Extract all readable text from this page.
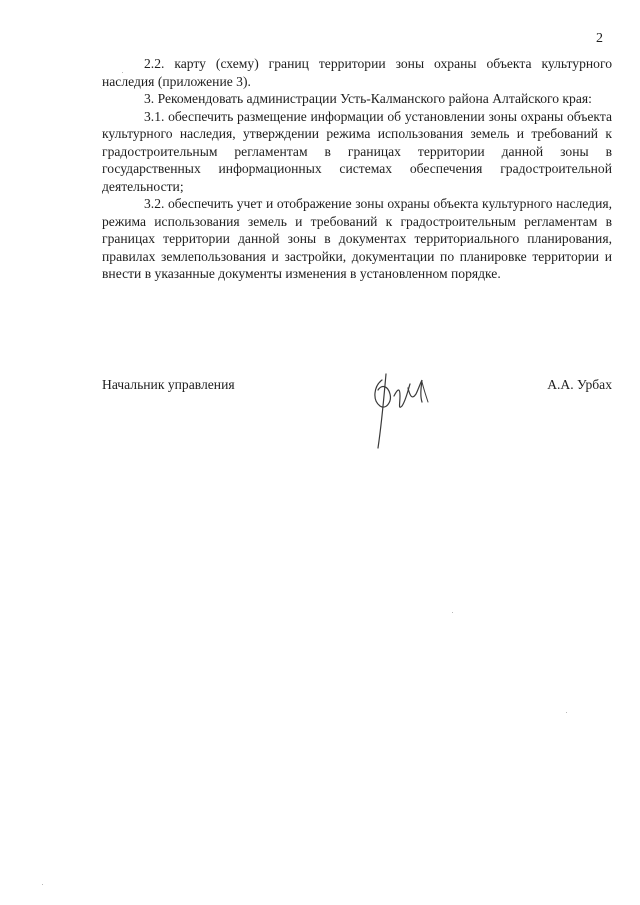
2

2.2. карту (схему) границ территории зоны охраны объекта культурного наследия (приложение 3).

3. Рекомендовать администрации Усть-Калманского района Алтайского края:

3.1. обеспечить размещение информации об установлении зоны охраны объекта культурного наследия, утверждении режима использования земель и требований к градостроительным регламентам в границах территории данной зоны в государственных информационных системах обеспечения градостроительной деятельности;

3.2. обеспечить учет и отображение зоны охраны объекта культурного наследия, режима использования земель и требований к градостроительным регламентам в границах территории данной зоны в документах территориального планирования, правилах землепользования и застройки, документации по планировке территории и внести в указанные документы изменения в установленном порядке.

Начальник управления	А.А. Урбах
